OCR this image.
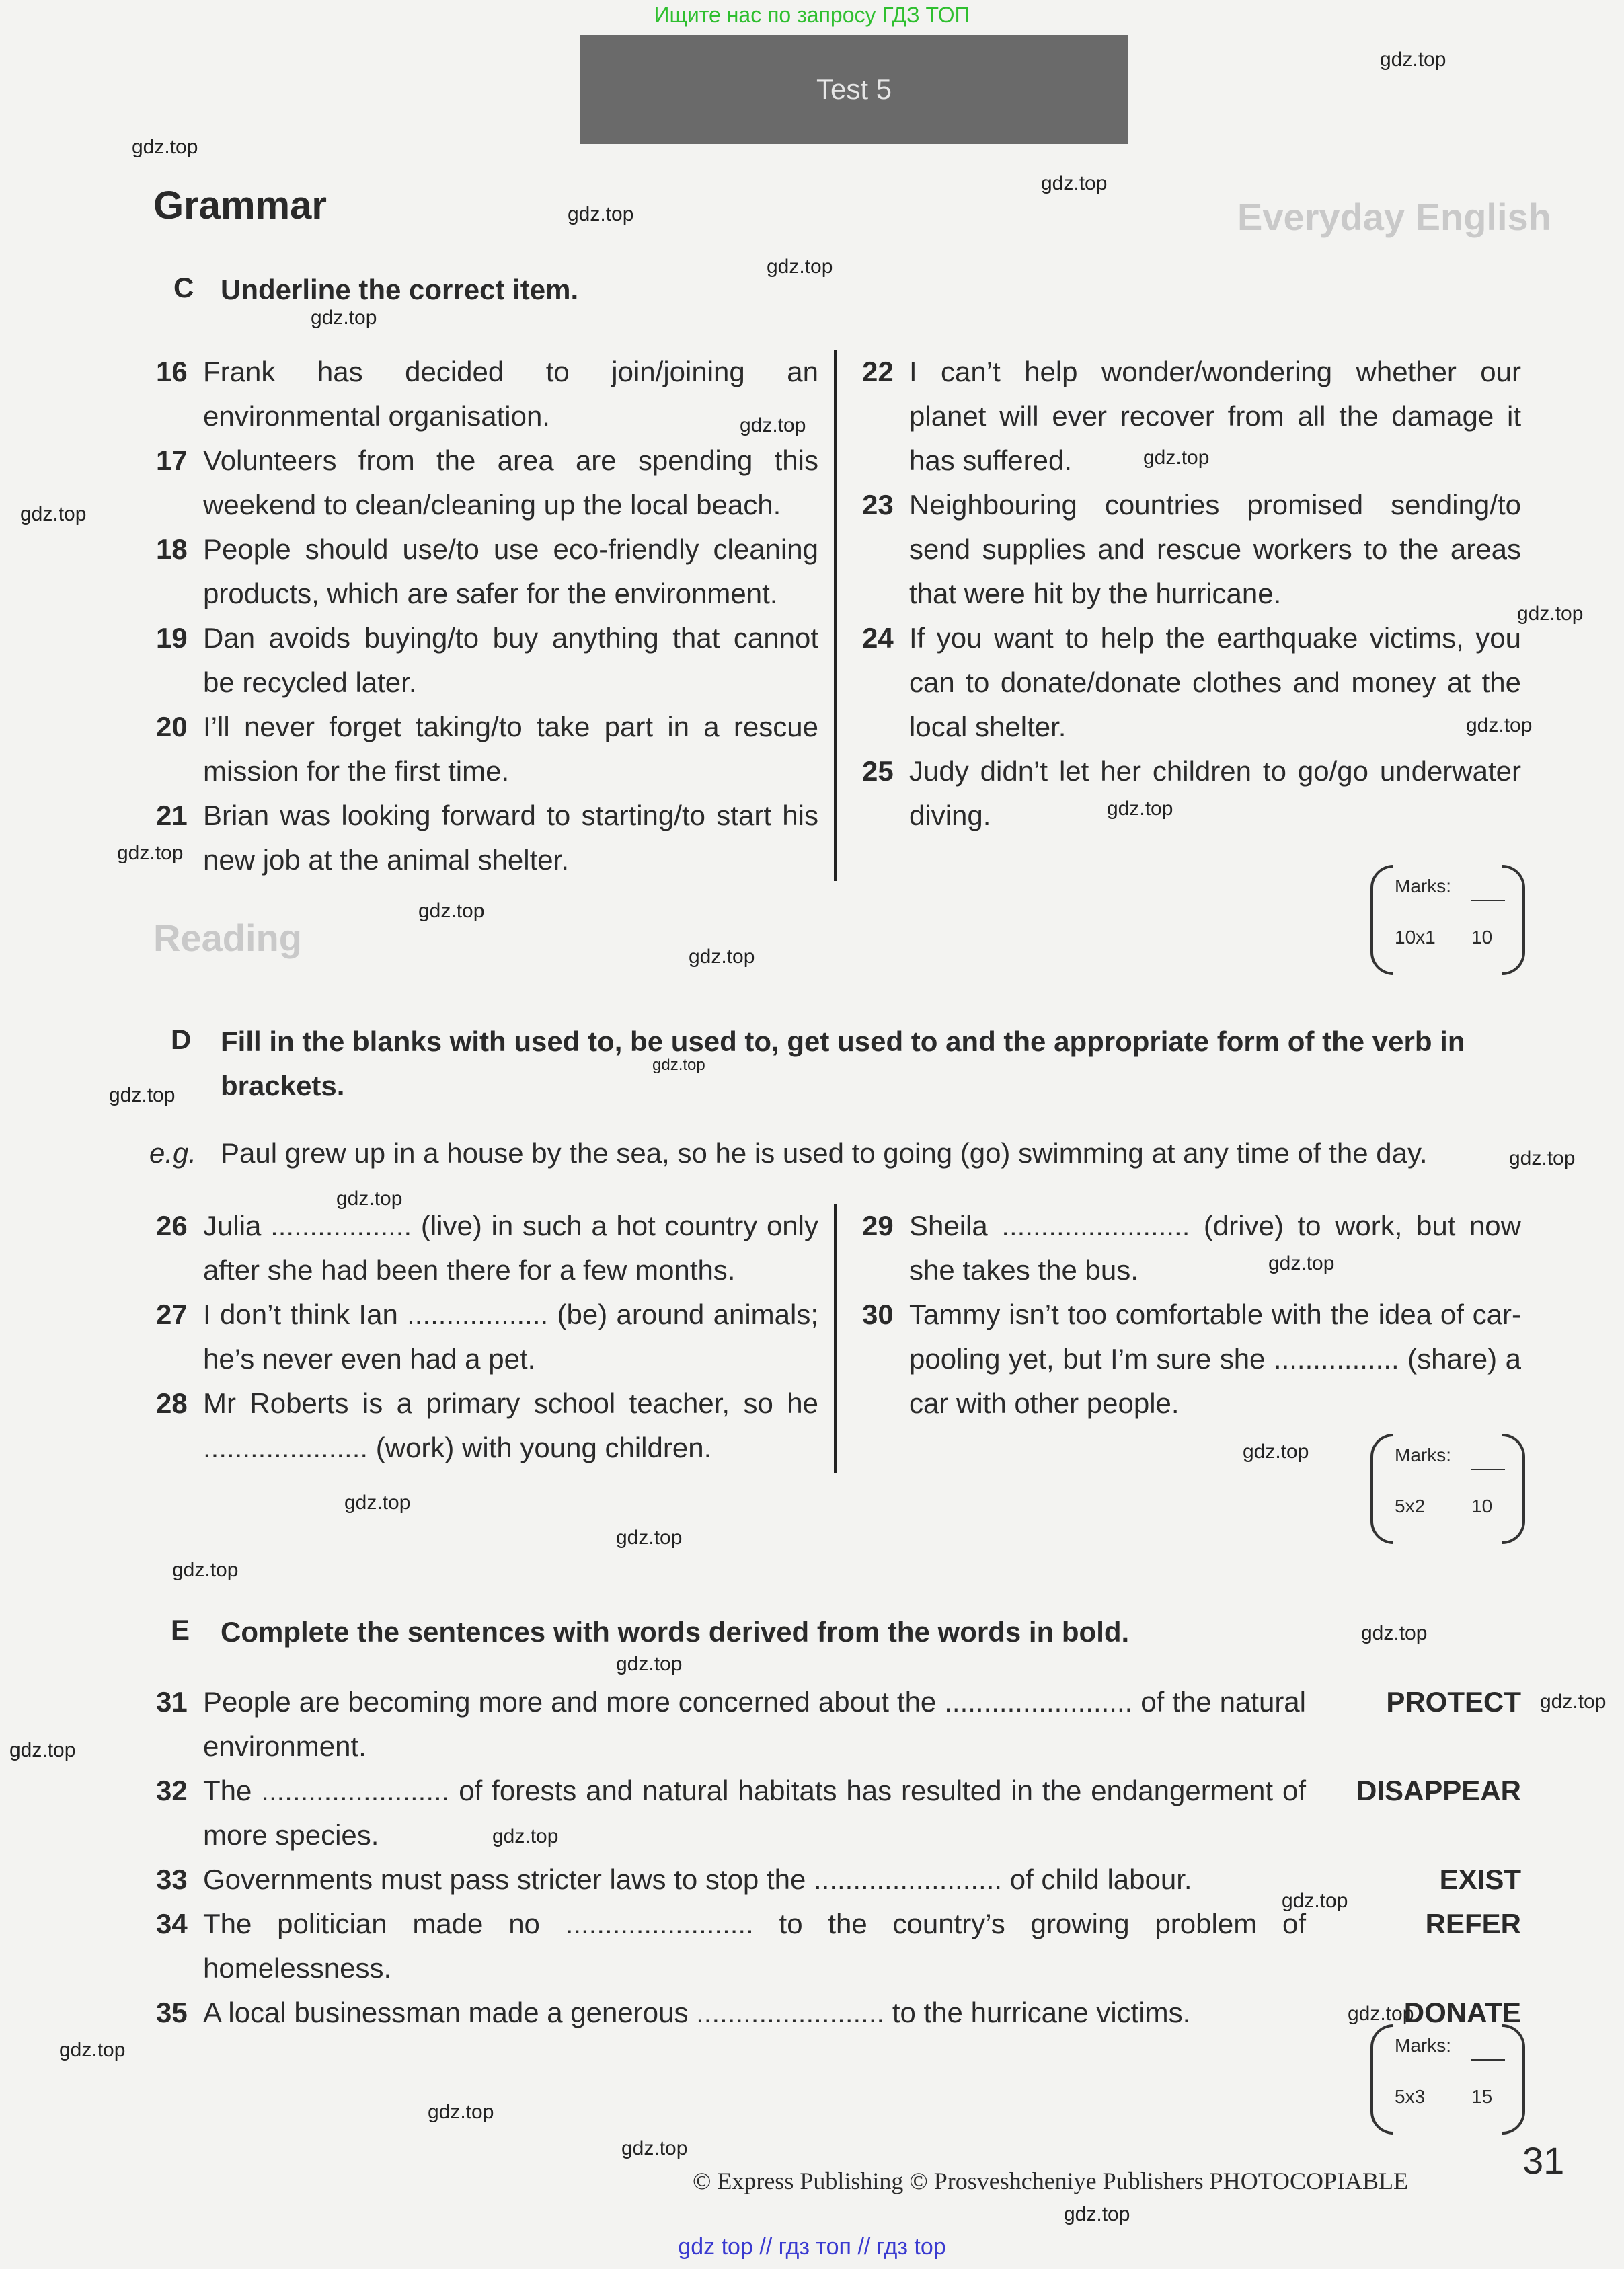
Ищите нас по запросу ГДЗ ТОП
Everyday English
Reading
Test 5
Grammar
C Underline the correct item.
16 Frank has decided to join/joining an environmental organisation.
17 Volunteers from the area are spending this weekend to clean/cleaning up the local beach.
18 People should use/to use eco-friendly cleaning products, which are safer for the environment.
19 Dan avoids buying/to buy anything that cannot be recycled later.
20 I’ll never forget taking/to take part in a rescue mission for the first time.
21 Brian was looking forward to starting/to start his new job at the animal shelter.
22 I can’t help wonder/wondering whether our planet will ever recover from all the damage it has suffered.
23 Neighbouring countries promised sending/to send supplies and rescue workers to the areas that were hit by the hurricane.
24 If you want to help the earthquake victims, you can to donate/donate clothes and money at the local shelter.
25 Judy didn’t let her children to go/go underwater diving.
Marks:
10x1 10
D Fill in the blanks with used to, be used to, get used to and the appropriate form of the verb in brackets.
e.g. Paul grew up in a house by the sea, so he is used to going (go) swimming at any time of the day.
26 Julia .................. (live) in such a hot country only after she had been there for a few months.
27 I don’t think Ian .................. (be) around animals; he’s never even had a pet.
28 Mr Roberts is a primary school teacher, so he ..................... (work) with young children.
29 Sheila ........................ (drive) to work, but now she takes the bus.
30 Tammy isn’t too comfortable with the idea of car-pooling yet, but I’m sure she ................ (share) a car with other people.
Marks:
5x2 10
E Complete the sentences with words derived from the words in bold.
31 People are becoming more and more concerned about the ........................ of the natural environment.
PROTECT
32 The ........................ of forests and natural habitats has resulted in the endangerment of more species.
DISAPPEAR
33 Governments must pass stricter laws to stop the ........................ of child labour.	EXIST
34 The politician made no ........................ to the country’s growing problem of homelessness.
REFER
35 A local businessman made a generous ........................ to the hurricane victims.	DONATE
Marks:
5x3 15
© Express Publishing © Prosveshcheniye Publishers PHOTOCOPIABLE	31
gdz.top
gdz.top
gdz.top
gdz.top
gdz.top
gdz.top
gdz.top
gdz.top
gdz.top
gdz.top
gdz.top
gdz.top
gdz.top
gdz.top
gdz.top
gdz.top
gdz.top
gdz.top
gdz.top
gdz.top
gdz.top
gdz.top
gdz.top
gdz.top
gdz.top
gdz.top
gdz.top
gdz.top
gdz.top
gdz.top
gdz.top
gdz.top
gdz.top
gdz.top
gdz.top
gdz top // гдз топ // гдз top
